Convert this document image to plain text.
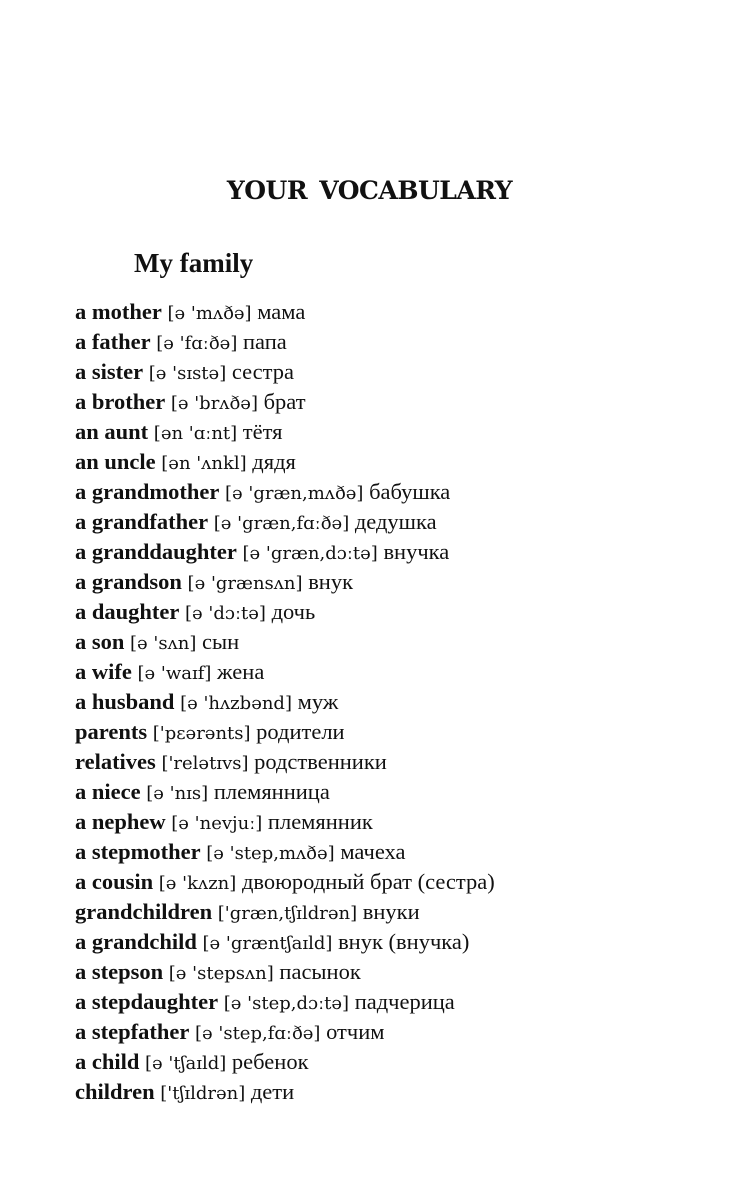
YOUR VOCABULARY
My family
a mother [ə 'mʌðə] мама
a father [ə 'fɑːðə] папа
a sister [ə 'sɪstə] сестра
a brother [ə 'brʌðə] брат
an aunt [ən 'ɑːnt] тётя
an uncle [ən 'ʌnkl] дядя
a grandmother [ə 'græn,mʌðə] бабушка
a grandfather [ə 'græn,fɑːðə] дедушка
a granddaughter [ə 'græn,dɔːtə] внучка
a grandson [ə 'grænsʌn] внук
a daughter [ə 'dɔːtə] дочь
a son [ə 'sʌn] сын
a wife [ə 'waɪf] жена
a husband [ə 'hʌzbənd] муж
parents ['pɛərənts] родители
relatives ['relətɪvs] родственники
a niece [ə 'nɪs] племянница
a nephew [ə 'nevjuː] племянник
a stepmother [ə 'step,mʌðə] мачеха
a cousin [ə 'kʌzn] двоюродный брат (сестра)
grandchildren ['græn,tʃɪldrən] внуки
a grandchild [ə 'græntʃaɪld] внук (внучка)
a stepson [ə 'stepsʌn] пасынок
a stepdaughter [ə 'step,dɔːtə] падчерица
a stepfather [ə 'step,fɑːðə] отчим
a child [ə 'tʃaɪld] ребенок
children ['tʃɪldrən] дети
